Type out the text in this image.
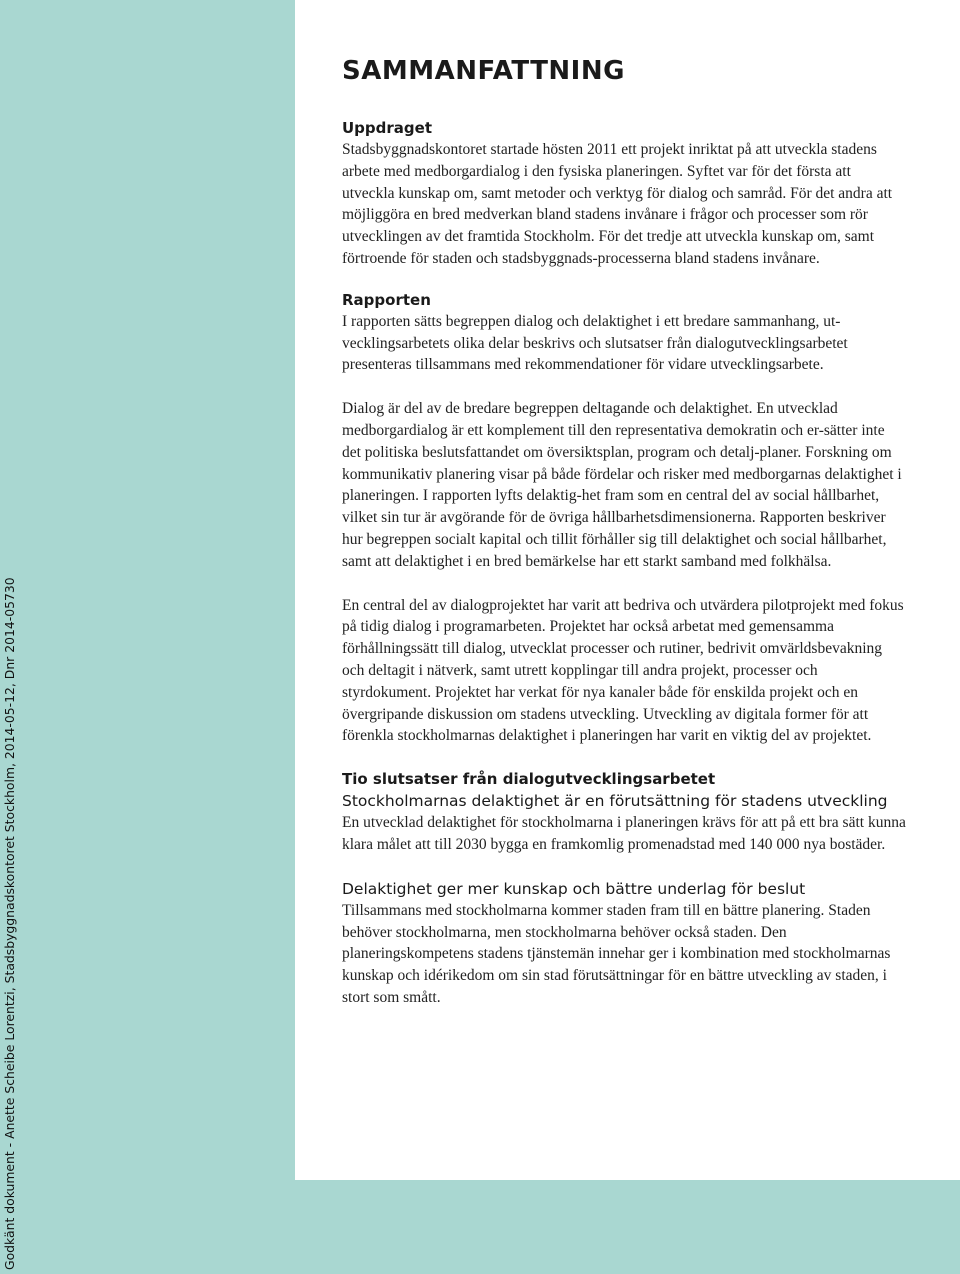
Godkänt dokument - Anette Scheibe Lorentzi, Stadsbyggnadskontoret Stockholm, 2014-05-12, Dnr 2014-05730
SAMMANFATTNING
Uppdraget

Stadsbyggnadskontoret startade hösten 2011 ett projekt inriktat på att utveckla stadens arbete med medborgardialog i den fysiska planeringen. Syftet var för det första att utveckla kunskap om, samt metoder och verktyg för dialog och samråd. För det andra att möjliggöra en bred medverkan bland stadens invånare i frågor och processer som rör utvecklingen av det framtida Stockholm. För det tredje att utveckla kunskap om, samt förtroende för staden och stadsbyggnads-processerna bland stadens invånare.

Rapporten

I rapporten sätts begreppen dialog och delaktighet i ett bredare sammanhang, ut-vecklingsarbetets olika delar beskrivs och slutsatser från dialogutvecklingsarbetet presenteras tillsammans med rekommendationer för vidare utvecklingsarbete.

Dialog är del av de bredare begreppen deltagande och delaktighet. En utvecklad medborgardialog är ett komplement till den representativa demokratin och er-sätter inte det politiska beslutsfattandet om översiktsplan, program och detalj-planer. Forskning om kommunikativ planering visar på både fördelar och risker med medborgarnas delaktighet i planeringen. I rapporten lyfts delaktig-het fram som en central del av social hållbarhet, vilket sin tur är avgörande för de övriga hållbarhetsdimensionerna. Rapporten beskriver hur begreppen socialt kapital och tillit förhåller sig till delaktighet och social hållbarhet, samt att delaktighet i en bred bemärkelse har ett starkt samband med folkhälsa.

En central del av dialogprojektet har varit att bedriva och utvärdera pilotprojekt med fokus på tidig dialog i programarbeten. Projektet har också arbetat med gemensamma förhållningssätt till dialog, utvecklat processer och rutiner, bedrivit omvärldsbevakning och deltagit i nätverk, samt utrett kopplingar till andra projekt, processer och styrdokument. Projektet har verkat för nya kanaler både för enskilda projekt och en övergripande diskussion om stadens utveckling. Utveckling av digitala former för att förenkla stockholmarnas delaktighet i planeringen har varit en viktig del av projektet.

Tio slutsatser från dialogutvecklingsarbetet
Stockholmarnas delaktighet är en förutsättning för stadens utveckling

En utvecklad delaktighet för stockholmarna i planeringen krävs för att på ett bra sätt kunna klara målet att till 2030 bygga en framkomlig promenadstad med 140 000 nya bostäder.

Delaktighet ger mer kunskap och bättre underlag för beslut

Tillsammans med stockholmarna kommer staden fram till en bättre planering. Staden behöver stockholmarna, men stockholmarna behöver också staden. Den planeringskompetens stadens tjänstemän innehar ger i kombination med stockholmarnas kunskap och idérikedom om sin stad förutsättningar för en bättre utveckling av staden, i stort som smått.
